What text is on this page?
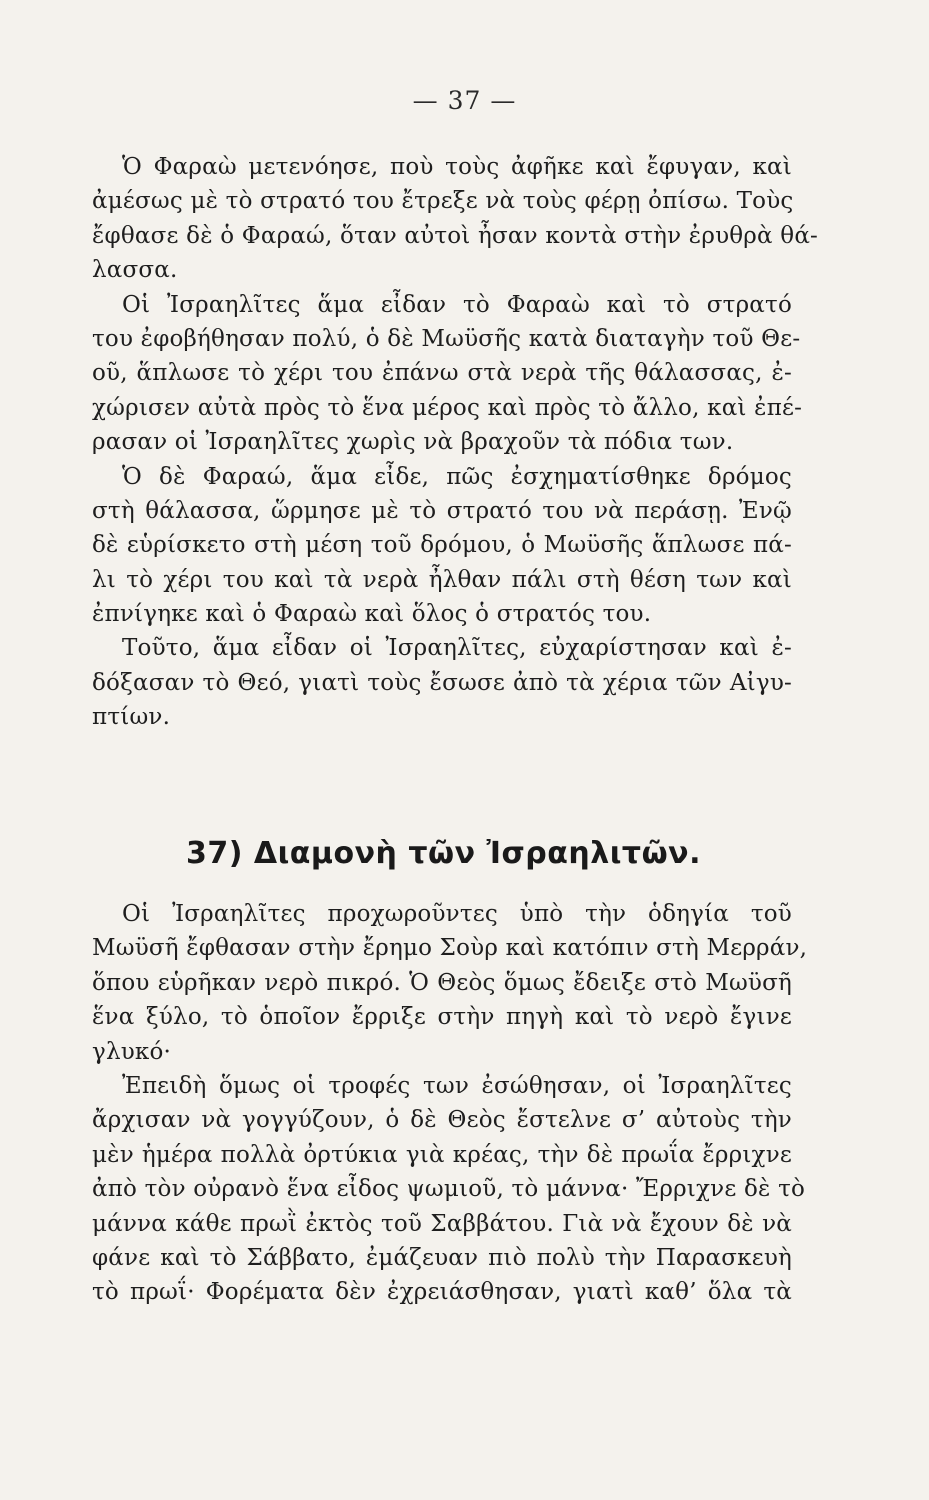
— 37 —
Ὁ Φαραὼ μετενόησε, ποὺ τοὺς ἀφῆκε καὶ ἔφυγαν, καὶ
ἀμέσως μὲ τὸ στρατό του ἔτρεξε νὰ τοὺς φέρῃ ὀπίσω. Τοὺς
ἔφθασε δὲ ὁ Φαραώ, ὅταν αὐτοὶ ἦσαν κοντὰ στὴν ἐρυθρὰ θά-
λασσα.
Οἱ Ἰσραηλῖτες ἅμα εἶδαν τὸ Φαραὼ καὶ τὸ στρατό
του ἐφοβήθησαν πολύ, ὁ δὲ Μωϋσῆς κατὰ διαταγὴν τοῦ Θε-
οῦ, ἅπλωσε τὸ χέρι του ἐπάνω στὰ νερὰ τῆς θάλασσας, ἐ-
χώρισεν αὐτὰ πρὸς τὸ ἕνα μέρος καὶ πρὸς τὸ ἄλλο, καὶ ἐπέ-
ρασαν οἱ Ἰσραηλῖτες χωρὶς νὰ βραχοῦν τὰ πόδια των.
Ὁ δὲ Φαραώ, ἅμα εἶδε, πῶς ἐσχηματίσθηκε δρόμος
στὴ θάλασσα, ὥρμησε μὲ τὸ στρατό του νὰ περάσῃ. Ἐνῷ
δὲ εὑρίσκετο στὴ μέση τοῦ δρόμου, ὁ Μωϋσῆς ἅπλωσε πά-
λι τὸ χέρι του καὶ τὰ νερὰ ἦλθαν πάλι στὴ θέση των καὶ
ἐπνίγηκε καὶ ὁ Φαραὼ καὶ ὅλος ὁ στρατός του.
Τοῦτο, ἅμα εἶδαν οἱ Ἰσραηλῖτες, εὐχαρίστησαν καὶ ἐ-
δόξασαν τὸ Θεό, γιατὶ τοὺς ἔσωσε ἀπὸ τὰ χέρια τῶν Αἰγυ-
πτίων.
37) Διαμονὴ τῶν Ἰσραηλιτῶν.
Οἱ Ἰσραηλῖτες προχωροῦντες ὑπὸ τὴν ὁδηγία τοῦ
Μωϋσῆ ἔφθασαν στὴν ἔρημο Σοὺρ καὶ κατόπιν στὴ Μερράν,
ὅπου εὑρῆκαν νερὸ πικρό. Ὁ Θεὸς ὅμως ἔδειξε στὸ Μωϋσῆ
ἕνα ξύλο, τὸ ὁποῖον ἔρριξε στὴν πηγὴ καὶ τὸ νερὸ ἔγινε
γλυκό·
Ἐπειδὴ ὅμως οἱ τροφές των ἐσώθησαν, οἱ Ἰσραηλῖτες
ἄρχισαν νὰ γογγύζουν, ὁ δὲ Θεὸς ἔστελνε σ’ αὐτοὺς τὴν
μὲν ἡμέρα πολλὰ ὀρτύκια γιὰ κρέας, τὴν δὲ πρωΐα ἔρριχνε
ἀπὸ τὸν οὐρανὸ ἕνα εἶδος ψωμιοῦ, τὸ μάννα· Ἔρριχνε δὲ τὸ
μάννα κάθε πρωῒ ἐκτὸς τοῦ Σαββάτου. Γιὰ νὰ ἔχουν δὲ νὰ
φάνε καὶ τὸ Σάββατο, ἐμάζευαν πιὸ πολὺ τὴν Παρασκευὴ
τὸ πρωΐ· Φορέματα δὲν ἐχρειάσθησαν, γιατὶ καθ’ ὅλα τὰ
